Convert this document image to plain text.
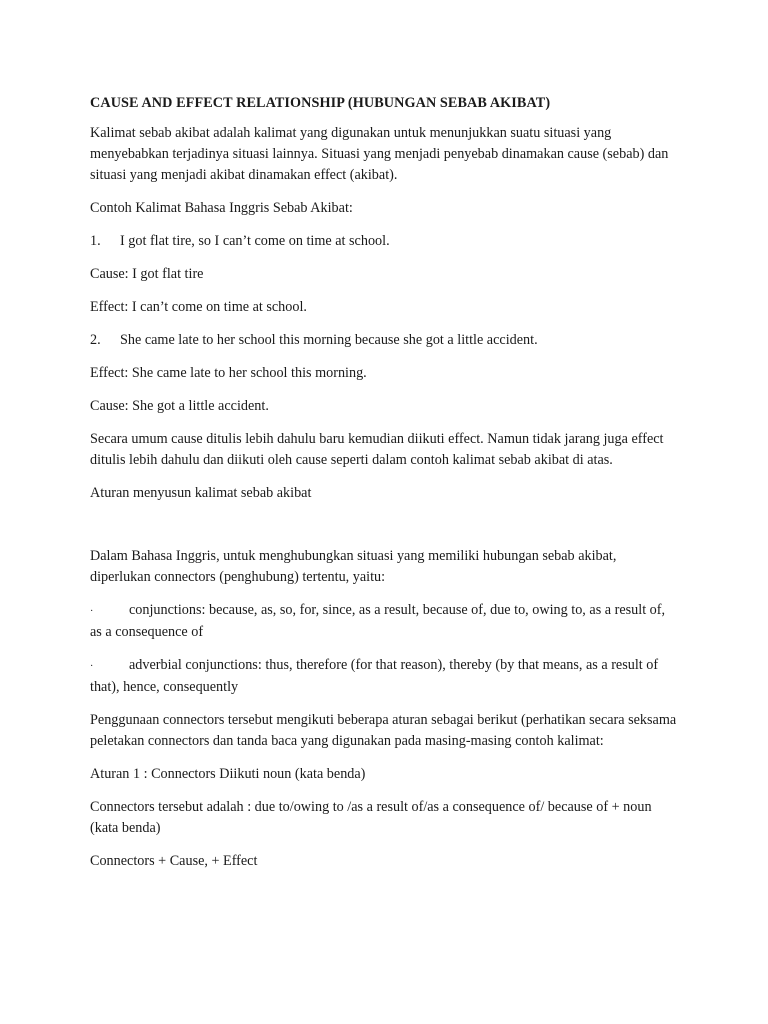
CAUSE AND EFFECT RELATIONSHIP (HUBUNGAN SEBAB AKIBAT)

Kalimat sebab akibat adalah kalimat yang digunakan untuk menunjukkan suatu situasi yang menyebabkan terjadinya situasi lainnya. Situasi yang menjadi penyebab dinamakan cause (sebab) dan situasi yang menjadi akibat dinamakan effect (akibat).

Contoh Kalimat Bahasa Inggris Sebab Akibat:

1. I got flat tire, so I can’t come on time at school.

Cause: I got flat tire

Effect: I can’t come on time at school.

2. She came late to her school this morning because she got a little accident.

Effect: She came late to her school this morning.

Cause: She got a little accident.

Secara umum cause ditulis lebih dahulu baru kemudian diikuti effect. Namun tidak jarang juga effect ditulis lebih dahulu dan diikuti oleh cause seperti dalam contoh kalimat sebab akibat di atas.

Aturan menyusun kalimat sebab akibat

Dalam Bahasa Inggris, untuk menghubungkan situasi yang memiliki hubungan sebab akibat, diperlukan connectors (penghubung) tertentu, yaitu:

·	conjunctions: because, as, so, for, since, as a result, because of, due to, owing to, as a result of, as a consequence of

·	adverbial conjunctions: thus, therefore (for that reason), thereby (by that means, as a result of that), hence, consequently

Penggunaan connectors tersebut mengikuti beberapa aturan sebagai berikut (perhatikan secara seksama peletakan connectors dan tanda baca yang digunakan pada masing-masing contoh kalimat:

Aturan 1 : Connectors Diikuti noun (kata benda)

Connectors tersebut adalah : due to/owing to /as a result of/as a consequence of/ because of + noun (kata benda)

Connectors + Cause, + Effect
